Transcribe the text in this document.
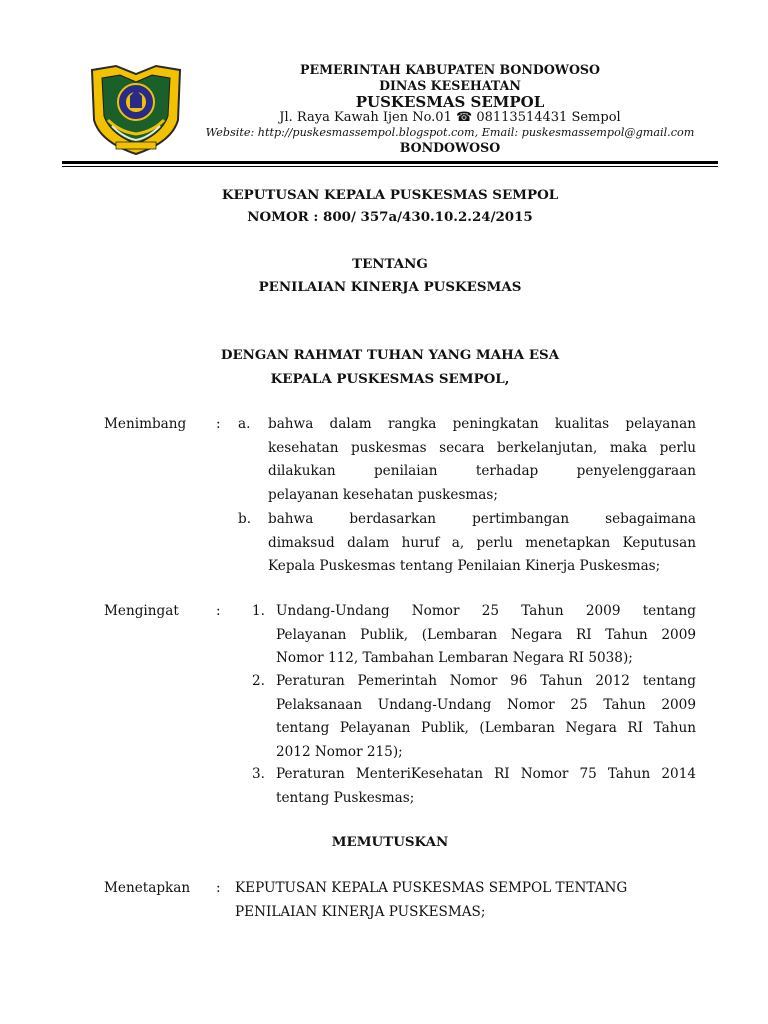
PEMERINTAH KABUPATEN BONDOWOSO
DINAS KESEHATAN
PUSKESMAS SEMPOL
Jl. Raya Kawah Ijen No.01 ☎ 08113514431 Sempol
Website: http://puskesmassempol.blogspot.com, Email: puskesmassempol@gmail.com
BONDOWOSO
KEPUTUSAN KEPALA PUSKESMAS SEMPOL
NOMOR : 800/ 357a/430.10.2.24/2015
TENTANG
PENILAIAN KINERJA PUSKESMAS
DENGAN RAHMAT TUHAN YANG MAHA ESA
KEPALA PUSKESMAS SEMPOL,
Menimbang : a. bahwa dalam rangka peningkatan kualitas pelayanan
kesehatan puskesmas secara berkelanjutan, maka perlu
dilakukan penilaian terhadap penyelenggaraan
pelayanan kesehatan puskesmas;
b. bahwa berdasarkan pertimbangan sebagaimana
dimaksud dalam huruf a, perlu menetapkan Keputusan
Kepala Puskesmas tentang Penilaian Kinerja Puskesmas;
Mengingat	: 1. Undang-Undang Nomor 25 Tahun 2009 tentang
Pelayanan Publik, (Lembaran Negara RI Tahun 2009
Nomor 112, Tambahan Lembaran Negara RI 5038);
2. Peraturan Pemerintah Nomor 96 Tahun 2012 tentang
Pelaksanaan Undang-Undang Nomor 25 Tahun 2009
tentang Pelayanan Publik, (Lembaran Negara RI Tahun
2012 Nomor 215);
3. Peraturan MenteriKesehatan RI Nomor 75 Tahun 2014
tentang Puskesmas;
MEMUTUSKAN
Menetapkan : KEPUTUSAN KEPALA PUSKESMAS SEMPOL TENTANG
PENILAIAN KINERJA PUSKESMAS;
